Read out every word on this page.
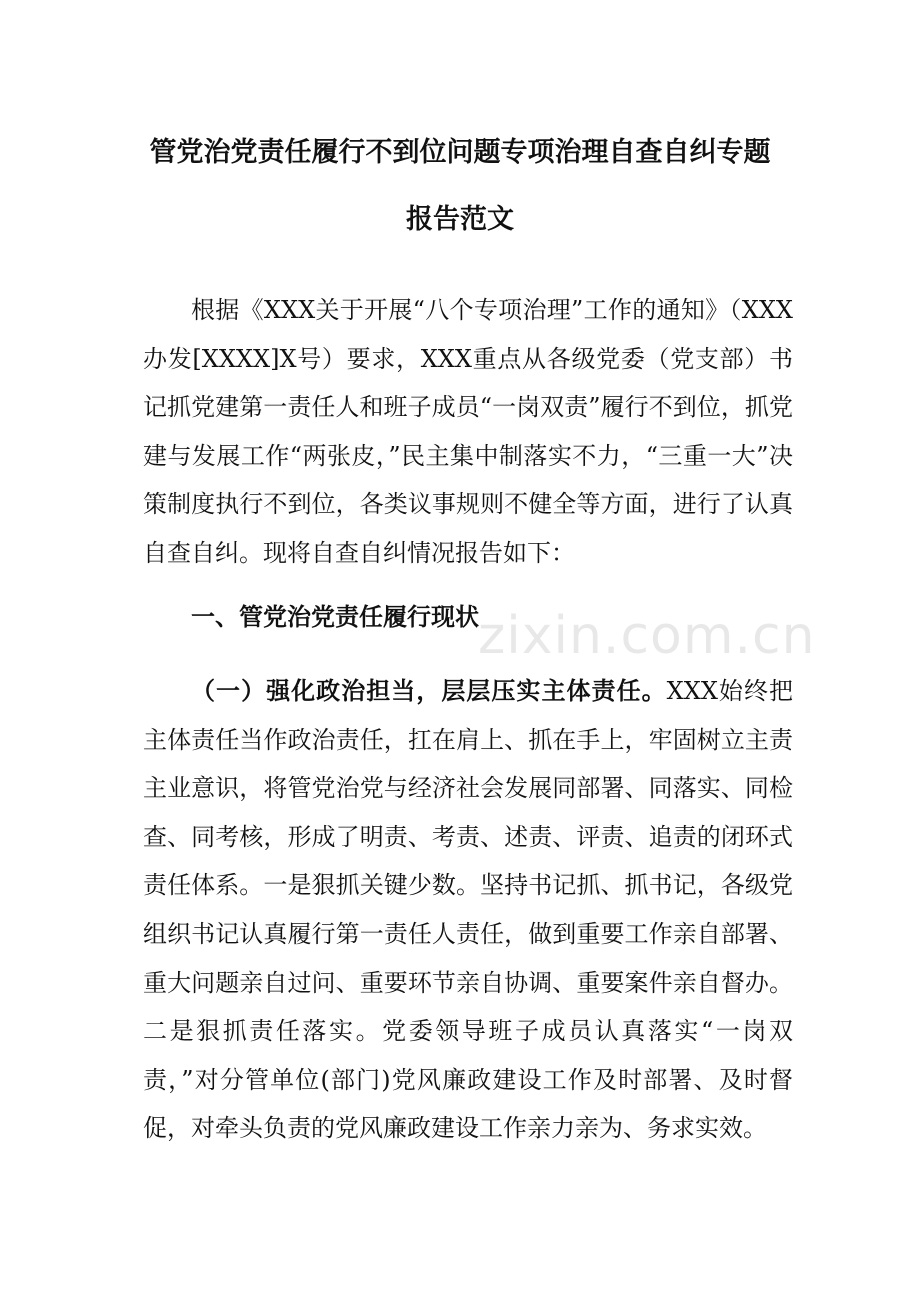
管党治党责任履行不到位问题专项治理自查自纠专题
报告范文

根据《XXX关于开展“八个专项治理”工作的通知》（XXX办发[XXXX]X号）要求，XXX重点从各级党委（党支部）书记抓党建第一责任人和班子成员“一岗双责”履行不到位，抓党建与发展工作“两张皮，”民主集中制落实不力，“三重一大”决策制度执行不到位，各类议事规则不健全等方面，进行了认真自查自纠。现将自查自纠情况报告如下：

一、管党治党责任履行现状

（一）强化政治担当，层层压实主体责任。XXX始终把主体责任当作政治责任，扛在肩上、抓在手上，牢固树立主责主业意识，将管党治党与经济社会发展同部署、同落实、同检查、同考核，形成了明责、考责、述责、评责、追责的闭环式责任体系。一是狠抓关键少数。坚持书记抓、抓书记，各级党组织书记认真履行第一责任人责任，做到重要工作亲自部署、重大问题亲自过问、重要环节亲自协调、重要案件亲自督办。二是狠抓责任落实。党委领导班子成员认真落实“一岗双责，”对分管单位(部门)党风廉政建设工作及时部署、及时督促，对牵头负责的党风廉政建设工作亲力亲为、务求实效。

zixin.com.cn
